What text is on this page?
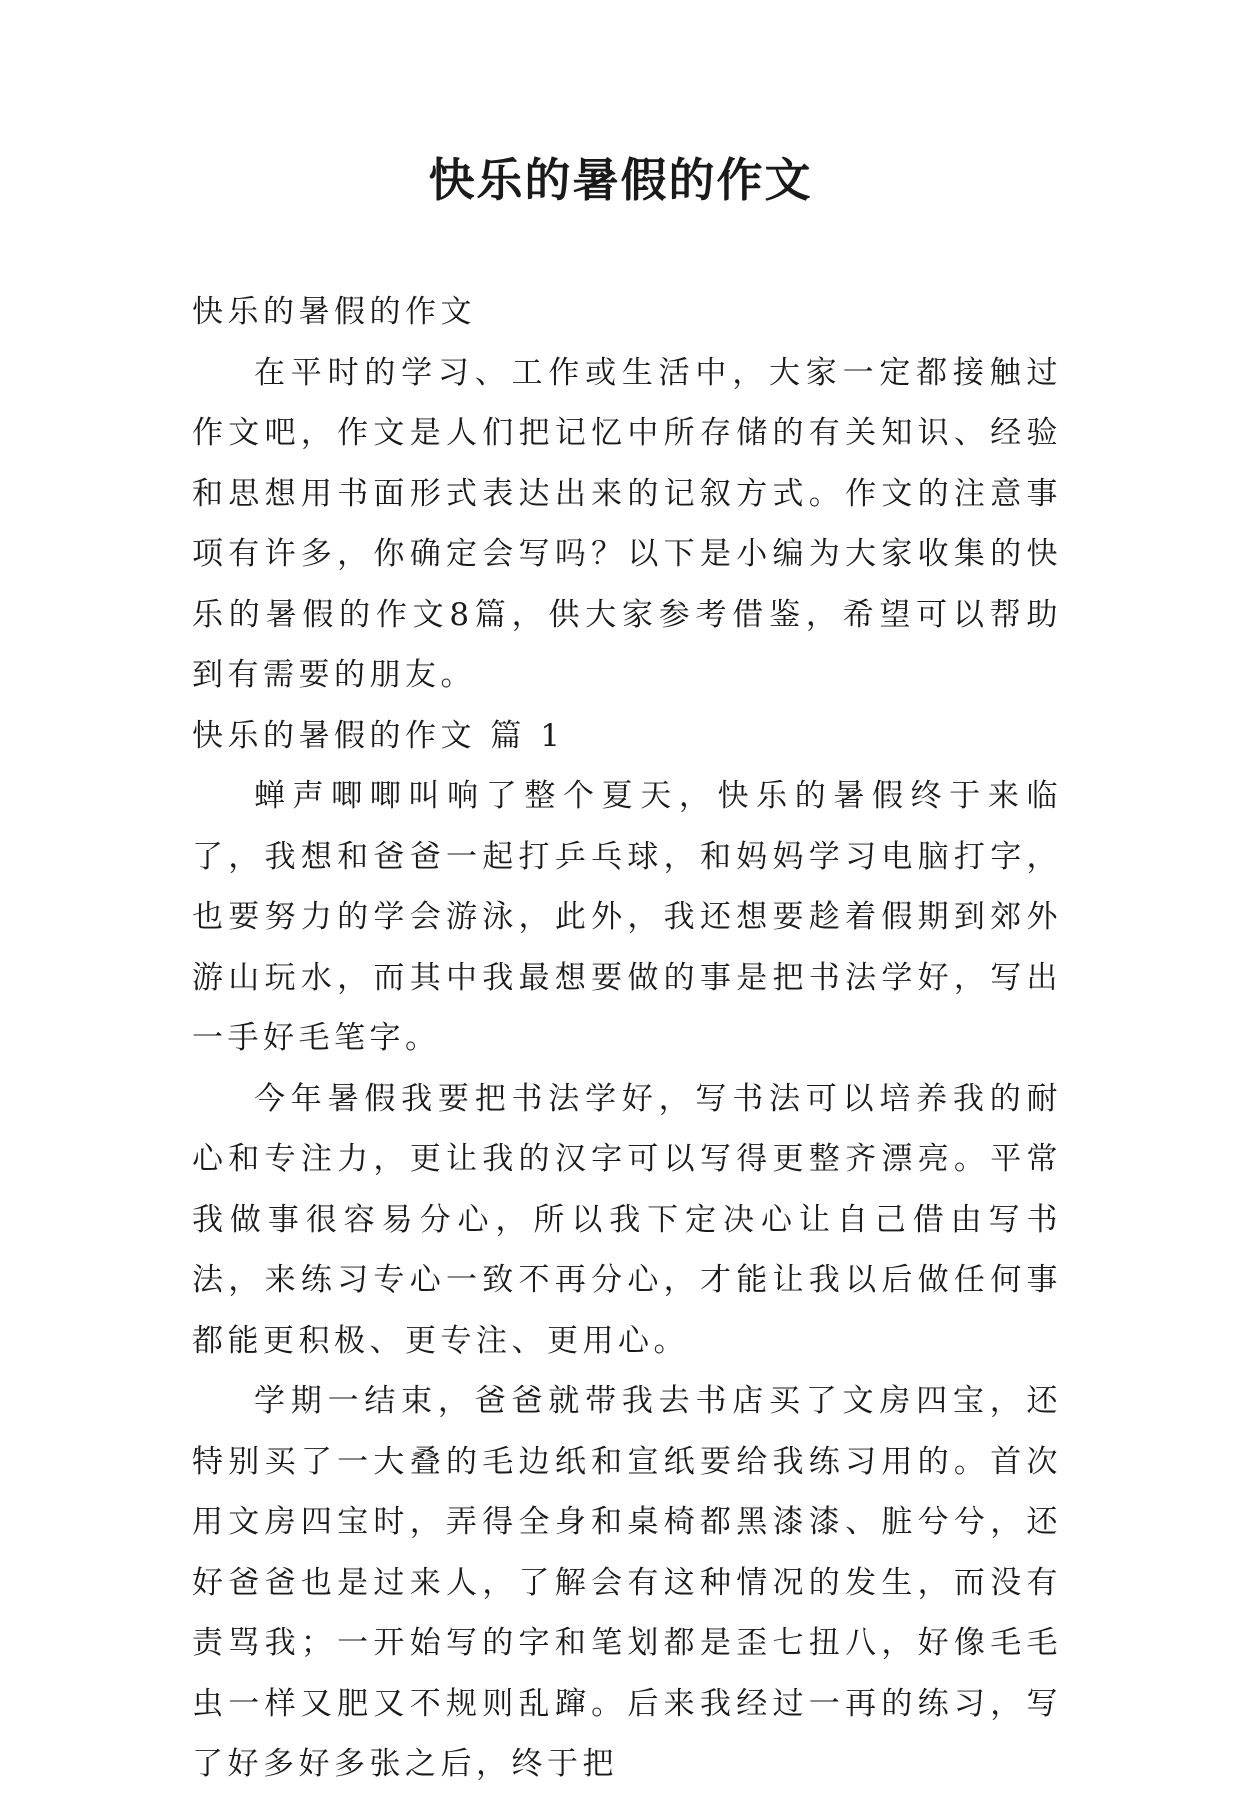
快乐的暑假的作文

快乐的暑假的作文

在平时的学习、工作或生活中，大家一定都接触过作文吧，作文是人们把记忆中所存储的有关知识、经验和思想用书面形式表达出来的记叙方式。作文的注意事项有许多，你确定会写吗？以下是小编为大家收集的快乐的暑假的作文8篇，供大家参考借鉴，希望可以帮助到有需要的朋友。

快乐的暑假的作文 篇 1

蝉声唧唧叫响了整个夏天，快乐的暑假终于来临了，我想和爸爸一起打乒乓球，和妈妈学习电脑打字，也要努力的学会游泳，此外，我还想要趁着假期到郊外游山玩水，而其中我最想要做的事是把书法学好，写出一手好毛笔字。

今年暑假我要把书法学好，写书法可以培养我的耐心和专注力，更让我的汉字可以写得更整齐漂亮。平常我做事很容易分心，所以我下定决心让自己借由写书法，来练习专心一致不再分心，才能让我以后做任何事都能更积极、更专注、更用心。

学期一结束，爸爸就带我去书店买了文房四宝，还特别买了一大叠的毛边纸和宣纸要给我练习用的。首次用文房四宝时，弄得全身和桌椅都黑漆漆、脏兮兮，还好爸爸也是过来人，了解会有这种情况的发生，而没有责骂我；一开始写的字和笔划都是歪七扭八，好像毛毛虫一样又肥又不规则乱蹿。后来我经过一再的练习，写了好多好多张之后，终于把
